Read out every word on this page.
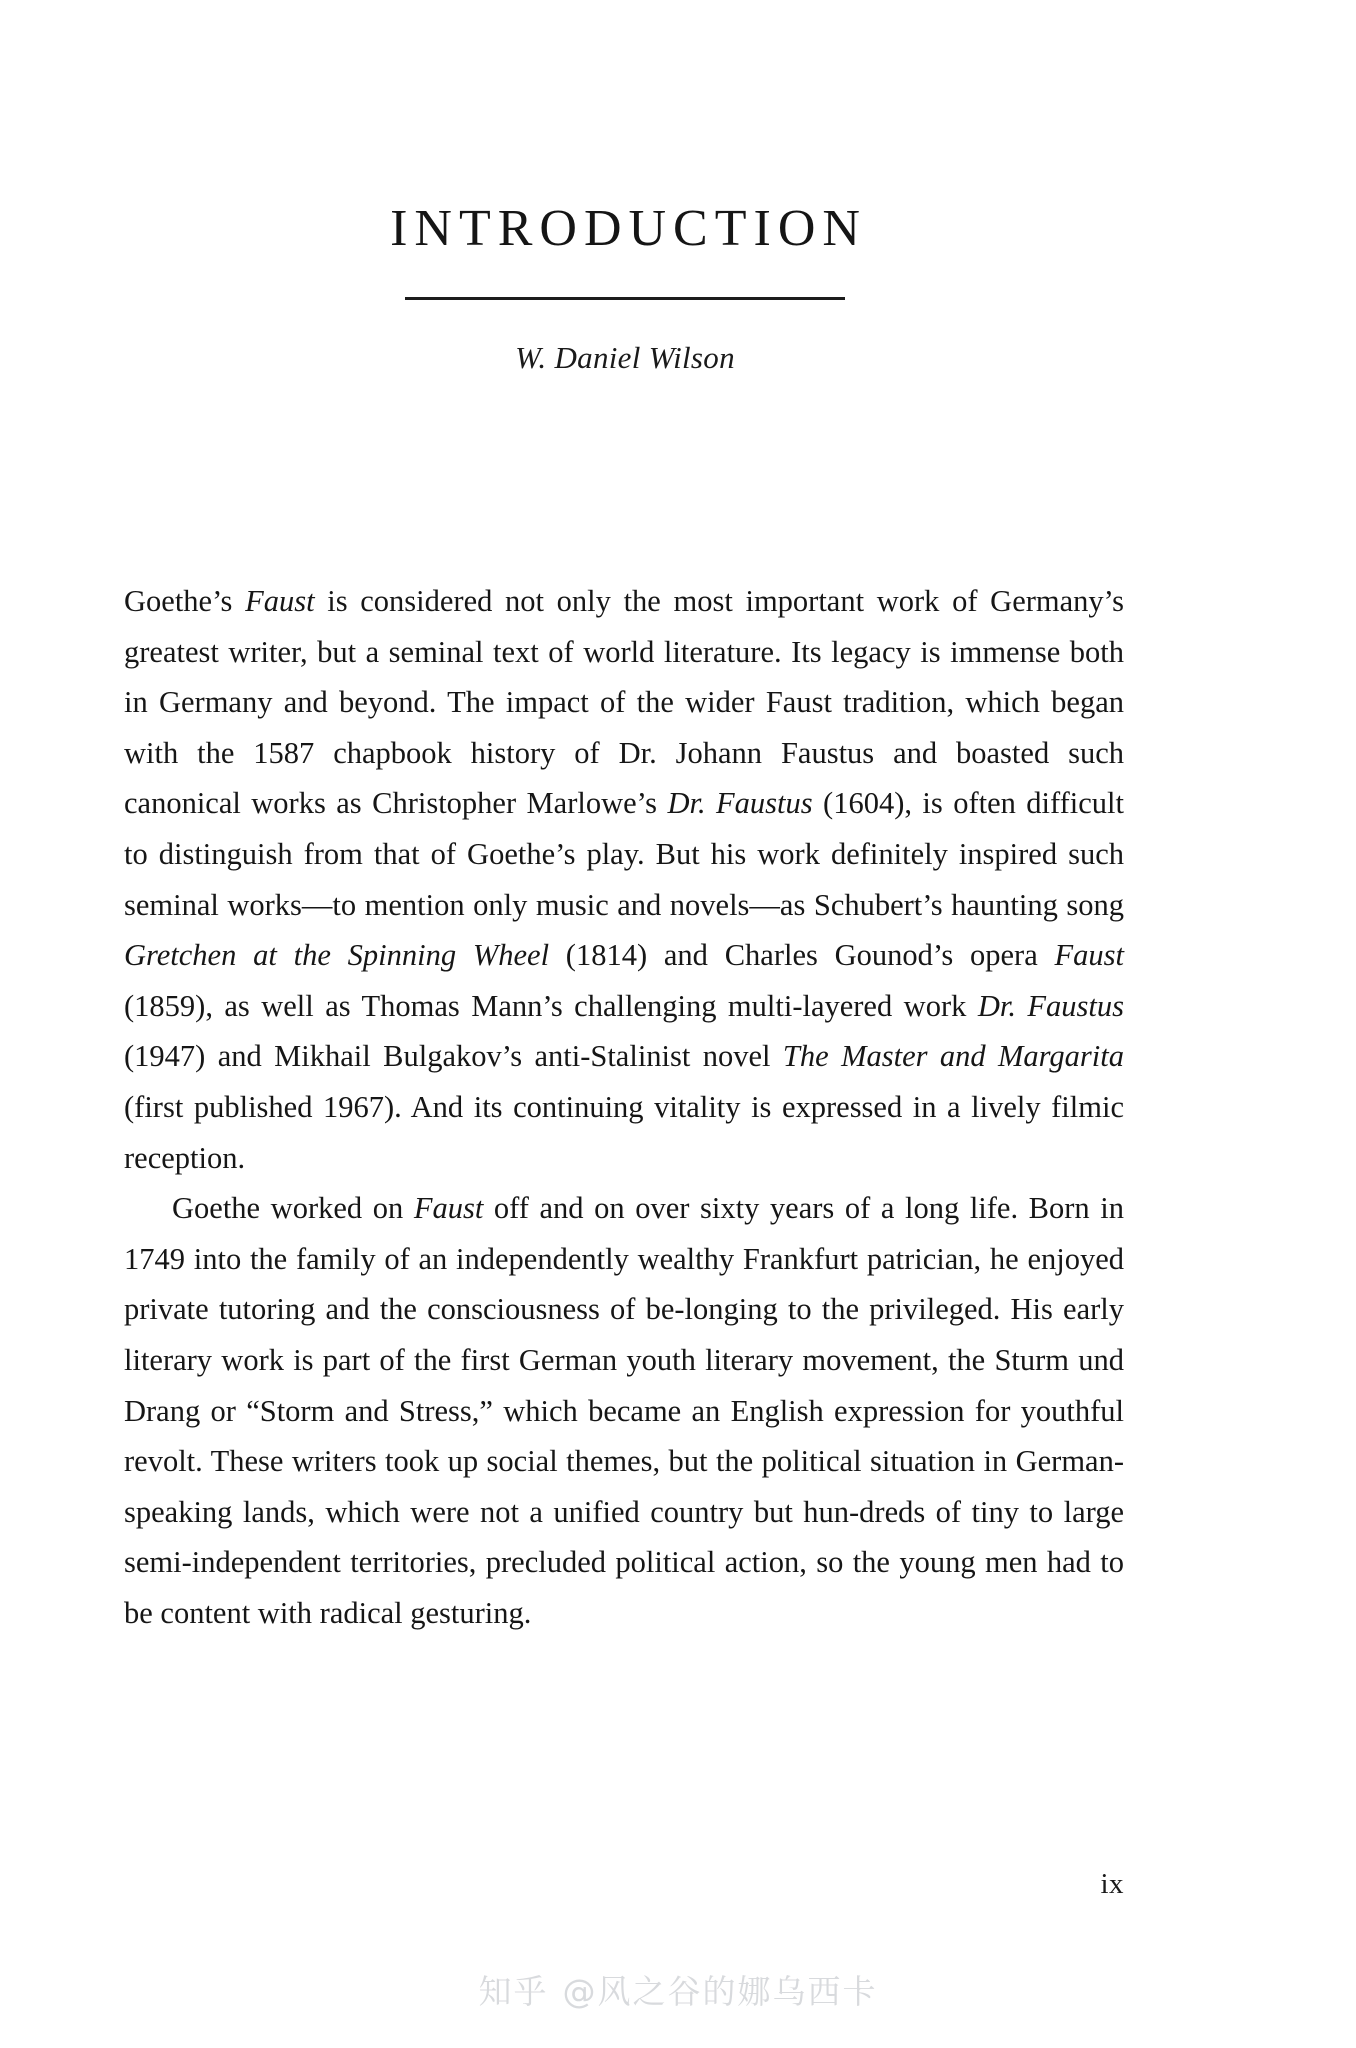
INTRODUCTION
W. Daniel Wilson

Goethe’s Faust is considered not only the most important work of Germany’s greatest writer, but a seminal text of world literature. Its legacy is immense both in Germany and beyond. The impact of the wider Faust tradition, which began with the 1587 chapbook history of Dr. Johann Faustus and boasted such canonical works as Christopher Marlowe’s Dr. Faustus (1604), is often difficult to distinguish from that of Goethe’s play. But his work definitely inspired such seminal works—to mention only music and novels—as Schubert’s haunting song Gretchen at the Spinning Wheel (1814) and Charles Gounod’s opera Faust (1859), as well as Thomas Mann’s challenging multi-layered work Dr. Faustus (1947) and Mikhail Bulgakov’s anti-Stalinist novel The Master and Margarita (first published 1967). And its continuing vitality is expressed in a lively filmic reception.

Goethe worked on Faust off and on over sixty years of a long life. Born in 1749 into the family of an independently wealthy Frankfurt patrician, he enjoyed private tutoring and the consciousness of be-longing to the privileged. His early literary work is part of the first German youth literary movement, the Sturm und Drang or “Storm and Stress,” which became an English expression for youthful revolt. These writers took up social themes, but the political situation in German-speaking lands, which were not a unified country but hun-dreds of tiny to large semi-independent territories, precluded political action, so the young men had to be content with radical gesturing.

ix
知乎 @风之谷的娜乌西卡
